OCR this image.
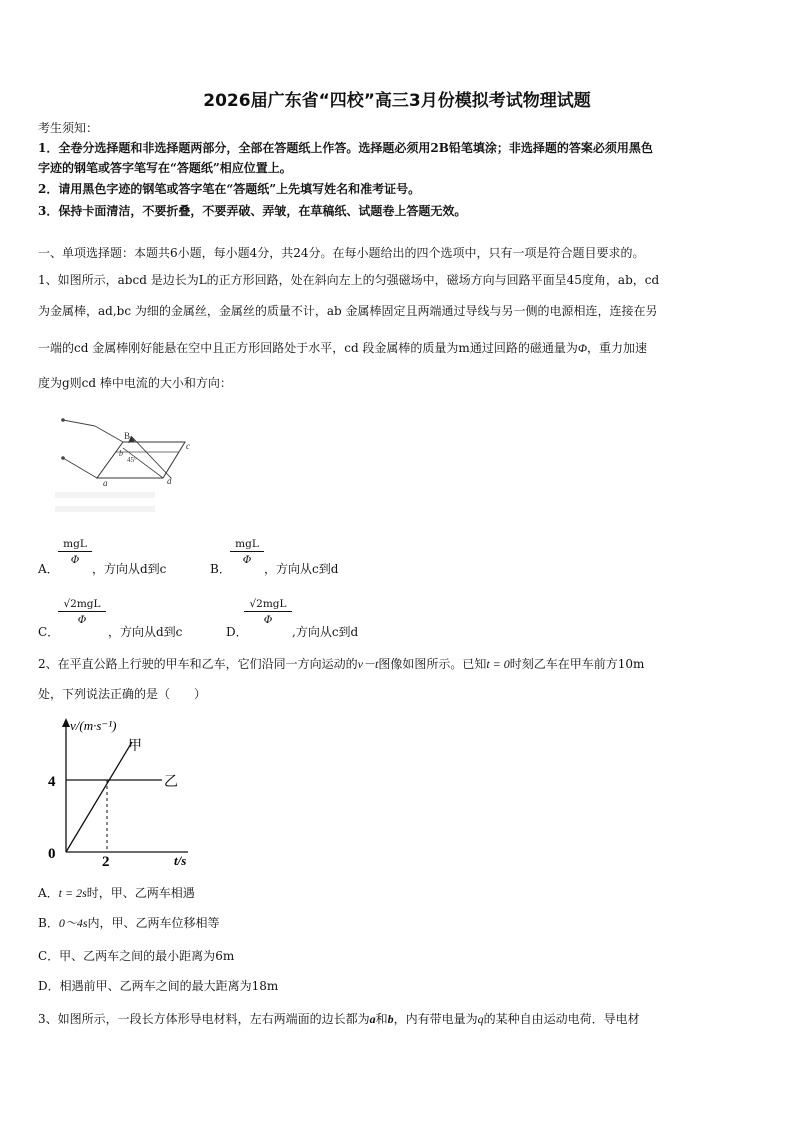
2026届广东省“四校”高三3月份模拟考试物理试题
考生须知：
1．全卷分选择题和非选择题两部分，全部在答题纸上作答。选择题必须用2B铅笔填涂；非选择题的答案必须用黑色
字迹的钢笔或答字笔写在“答题纸”相应位置上。
2．请用黑色字迹的钢笔或答字笔在“答题纸”上先填写姓名和准考证号。
3．保持卡面清洁，不要折叠，不要弄破、弄皱，在草稿纸、试题卷上答题无效。
一、单项选择题：本题共6小题，每小题4分，共24分。在每小题给出的四个选项中，只有一项是符合题目要求的。
1、如图所示，abcd 是边长为L的正方形回路，处在斜向左上的匀强磁场中，磁场方向与回路平面呈45度角，ab，cd
为金属棒，ad,bc 为细的金属丝，金属丝的质量不计，ab 金属棒固定且两端通过导线与另一侧的电源相连，连接在另
一端的cd 金属棒刚好能悬在空中且正方形回路处于水平，cd 段金属棒的质量为m通过回路的磁通量为Φ，重力加速
度为g则cd 棒中电流的大小和方向：
B
c
d
a
b
45°
A．
mgL
Φ
，方向从d到c	B．
mgL
Φ
，方向从c到d
C．
√2mgL
Φ
，方向从d到c	D．
√2mgL
Φ
,方向从c到d
2、在平直公路上行驶的甲车和乙车，它们沿同一方向运动的v－t图像如图所示。已知t = 0时刻乙车在甲车前方10m
处，下列说法正确的是（　　）
v/(m·s⁻¹)
t/s
甲
乙
4
2
0
A．t = 2s时，甲、乙两车相遇
B．0～4s内，甲、乙两车位移相等
C．甲、乙两车之间的最小距离为6m
D．相遇前甲、乙两车之间的最大距离为18m
3、如图所示，一段长方体形导电材料，左右两端面的边长都为a和b，内有带电量为q的某种自由运动电荷．导电材
